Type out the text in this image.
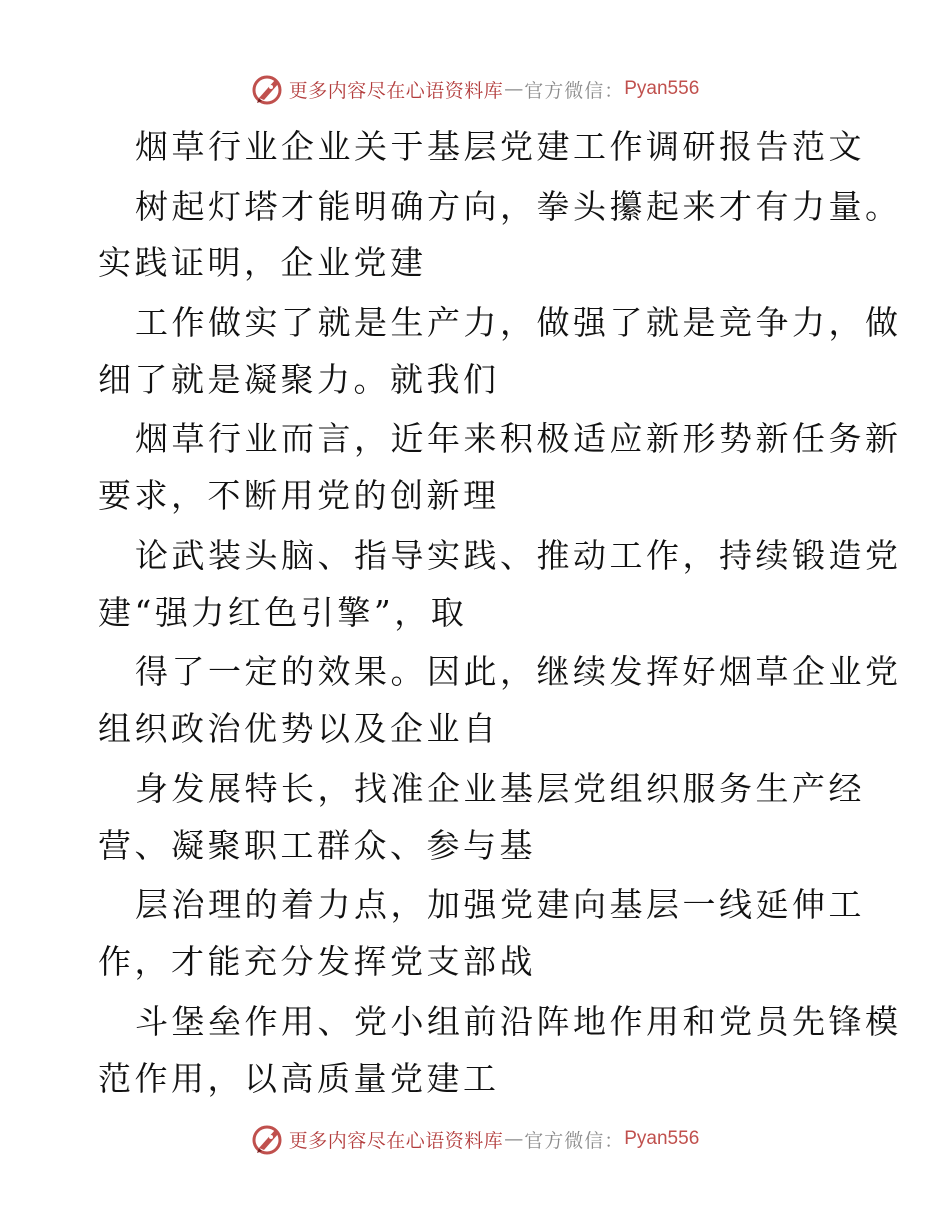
更多内容尽在心语资料库 — 官方微信： Pyan556
烟草行业企业关于基层党建工作调研报告范文
树起灯塔才能明确方向，拳头攥起来才有力量。
实践证明，企业党建
工作做实了就是生产力，做强了就是竞争力，做
细了就是凝聚力。就我们
烟草行业而言，近年来积极适应新形势新任务新
要求，不断用党的创新理
论武装头脑、指导实践、推动工作，持续锻造党
建“强力红色引擎”，取
得了一定的效果。因此，继续发挥好烟草企业党
组织政治优势以及企业自
身发展特长，找准企业基层党组织服务生产经
营、凝聚职工群众、参与基
层治理的着力点，加强党建向基层一线延伸工
作，才能充分发挥党支部战
斗堡垒作用、党小组前沿阵地作用和党员先锋模
范作用，以高质量党建工
更多内容尽在心语资料库 — 官方微信： Pyan556
